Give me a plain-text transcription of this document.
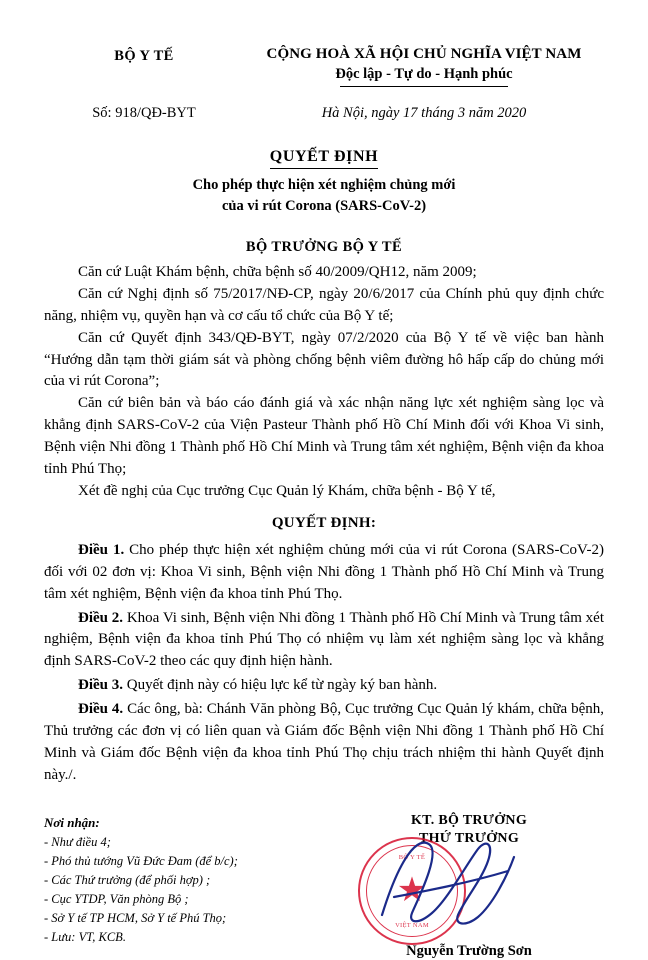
BỘ Y TẾ	CỘNG HOÀ XÃ HỘI CHỦ NGHĨA VIỆT NAM
Độc lập - Tự do - Hạnh phúc
Số: 918/QĐ-BYT	Hà Nội, ngày 17 tháng 3 năm 2020
QUYẾT ĐỊNH
Cho phép thực hiện xét nghiệm chủng mới
của vi rút Corona (SARS-CoV-2)
BỘ TRƯỞNG BỘ Y TẾ

Căn cứ Luật Khám bệnh, chữa bệnh số 40/2009/QH12, năm 2009;

Căn cứ Nghị định số 75/2017/NĐ-CP, ngày 20/6/2017 của Chính phủ quy định chức năng, nhiệm vụ, quyền hạn và cơ cấu tổ chức của Bộ Y tế;

Căn cứ Quyết định 343/QĐ-BYT, ngày 07/2/2020 của Bộ Y tế về việc ban hành “Hướng dẫn tạm thời giám sát và phòng chống bệnh viêm đường hô hấp cấp do chủng mới của vi rút Corona”;

Căn cứ biên bản và báo cáo đánh giá và xác nhận năng lực xét nghiệm sàng lọc và khẳng định SARS-CoV-2 của Viện Pasteur Thành phố Hồ Chí Minh đối với Khoa Vi sinh, Bệnh viện Nhi đồng 1 Thành phố Hồ Chí Minh và Trung tâm xét nghiệm, Bệnh viện đa khoa tỉnh Phú Thọ;

Xét đề nghị của Cục trưởng Cục Quản lý Khám, chữa bệnh - Bộ Y tế,

QUYẾT ĐỊNH:

Điều 1. Cho phép thực hiện xét nghiệm chủng mới của vi rút Corona (SARS-CoV-2) đối với 02 đơn vị: Khoa Vi sinh, Bệnh viện Nhi đồng 1 Thành phố Hồ Chí Minh và Trung tâm xét nghiệm, Bệnh viện đa khoa tỉnh Phú Thọ.

Điều 2. Khoa Vi sinh, Bệnh viện Nhi đồng 1 Thành phố Hồ Chí Minh và Trung tâm xét nghiệm, Bệnh viện đa khoa tỉnh Phú Thọ có nhiệm vụ làm xét nghiệm sàng lọc và khẳng định SARS-CoV-2 theo các quy định hiện hành.

Điều 3. Quyết định này có hiệu lực kể từ ngày ký ban hành.

Điều 4. Các ông, bà: Chánh Văn phòng Bộ, Cục trưởng Cục Quản lý khám, chữa bệnh, Thủ trưởng các đơn vị có liên quan và Giám đốc Bệnh viện Nhi đồng 1 Thành phố Hồ Chí Minh và Giám đốc Bệnh viện đa khoa tỉnh Phú Thọ chịu trách nhiệm thi hành Quyết định này./.

Nơi nhận:
- Như điều 4;
- Phó thủ tướng Vũ Đức Đam (để b/c);
- Các Thứ trưởng (để phối hợp) ;
- Cục YTDP, Văn phòng Bộ ;
- Sở Y tế TP HCM, Sở Y tế Phú Thọ;
- Lưu: VT, KCB.
KT. BỘ TRƯỞNG
THỨ TRƯỞNG
BỘ Y TẾ
★
VIỆT NAM
Nguyễn Trường Sơn
